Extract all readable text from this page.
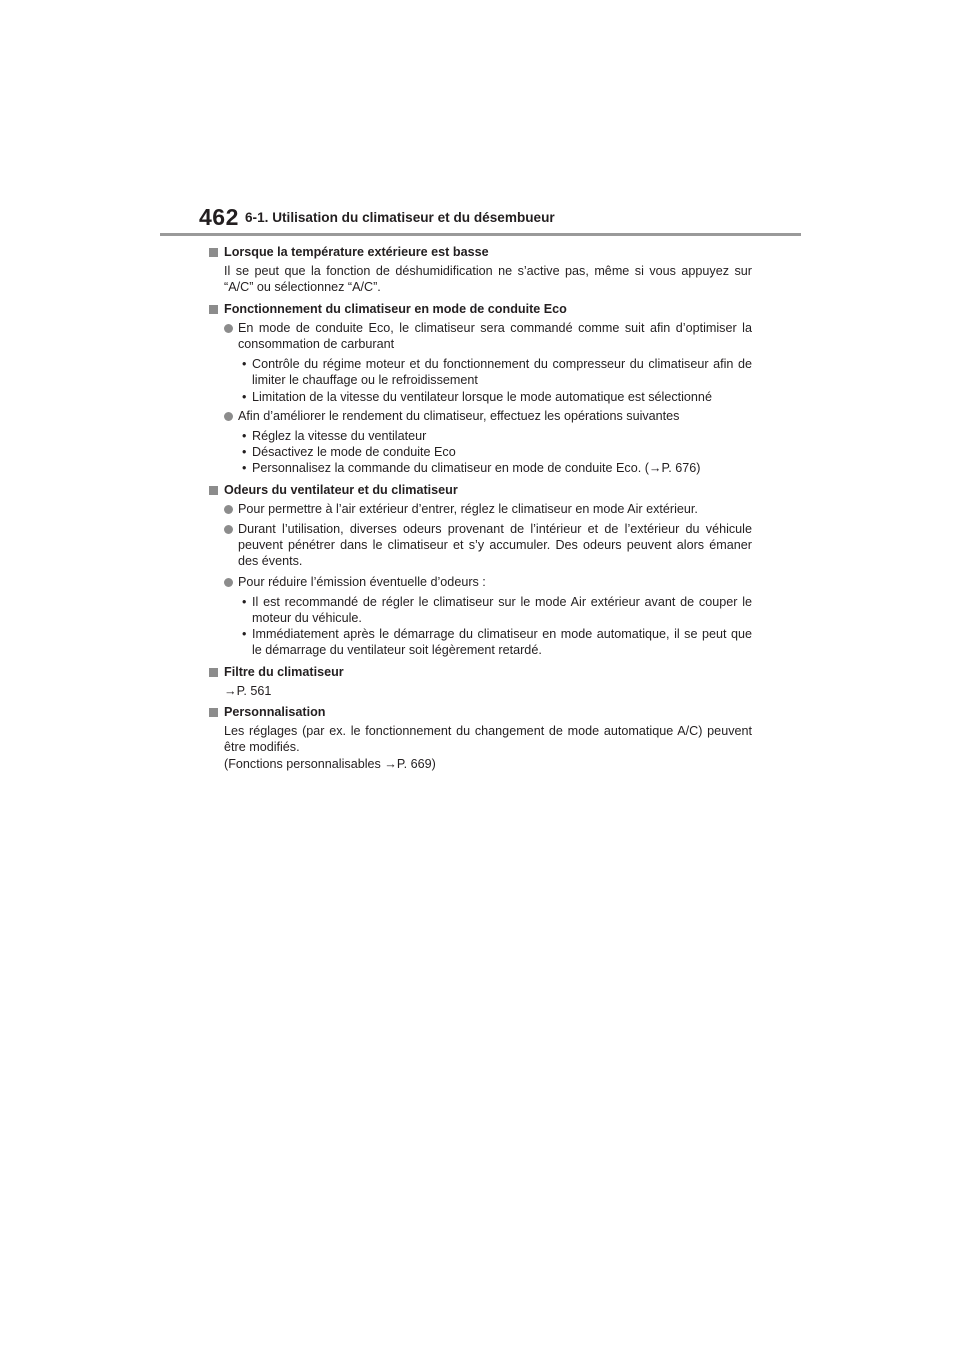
462 6-1. Utilisation du climatiseur et du désembueur
Lorsque la température extérieure est basse
Il se peut que la fonction de déshumidification ne s’active pas, même si vous appuyez sur “A/C” ou sélectionnez “A/C”.
Fonctionnement du climatiseur en mode de conduite Eco
En mode de conduite Eco, le climatiseur sera commandé comme suit afin d’optimiser la consommation de carburant
• Contrôle du régime moteur et du fonctionnement du compresseur du climatiseur afin de limiter le chauffage ou le refroidissement
• Limitation de la vitesse du ventilateur lorsque le mode automatique est sélectionné
Afin d’améliorer le rendement du climatiseur, effectuez les opérations suivantes
• Réglez la vitesse du ventilateur
• Désactivez le mode de conduite Eco
• Personnalisez la commande du climatiseur en mode de conduite Eco. (→P. 676)
Odeurs du ventilateur et du climatiseur
Pour permettre à l’air extérieur d’entrer, réglez le climatiseur en mode Air extérieur.
Durant l’utilisation, diverses odeurs provenant de l’intérieur et de l’extérieur du véhicule peuvent pénétrer dans le climatiseur et s’y accumuler. Des odeurs peuvent alors émaner des évents.
Pour réduire l’émission éventuelle d’odeurs :
• Il est recommandé de régler le climatiseur sur le mode Air extérieur avant de couper le moteur du véhicule.
• Immédiatement après le démarrage du climatiseur en mode automatique, il se peut que le démarrage du ventilateur soit légèrement retardé.
Filtre du climatiseur
→P. 561
Personnalisation
Les réglages (par ex. le fonctionnement du changement de mode automatique A/C) peuvent être modifiés.
(Fonctions personnalisables →P. 669)
